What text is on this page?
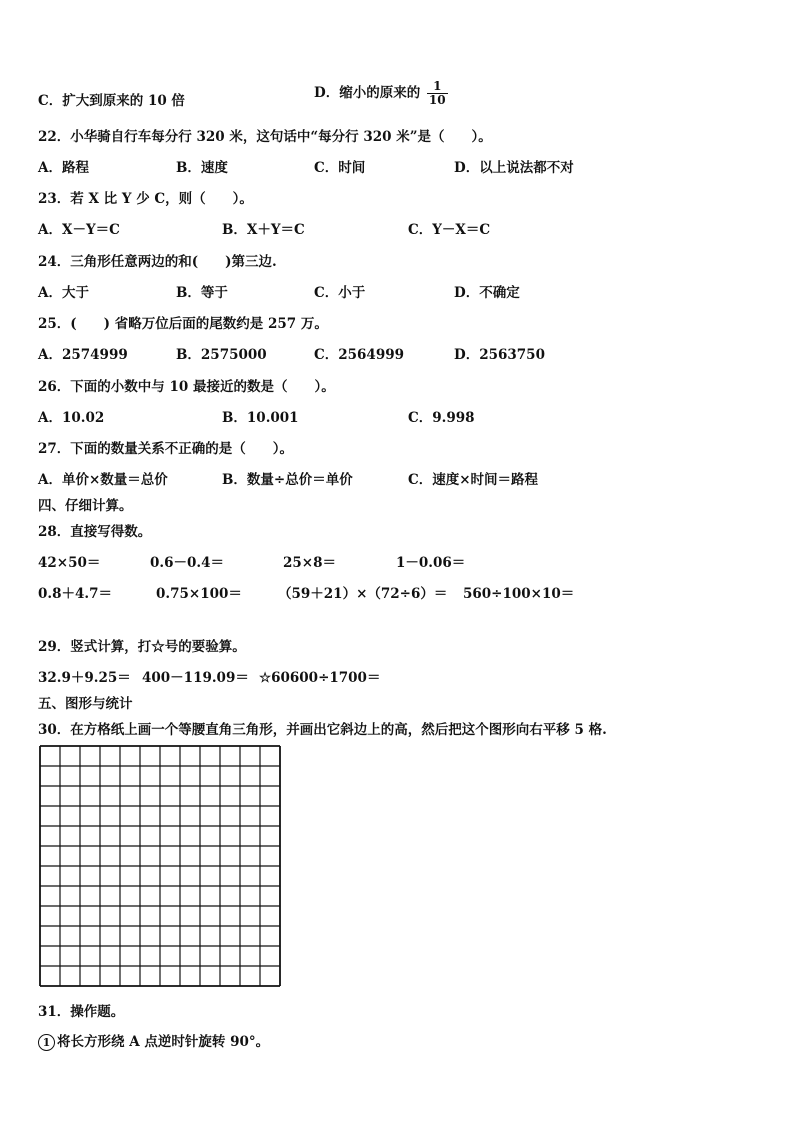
C．扩大到原来的 10 倍	D．缩小的原来的 $\frac{1}{10}$
22．小华骑自行车每分行 320 米，这句话中“每分行 320 米”是（　　）。
A．路程	B．速度	C．时间	D．以上说法都不对
23．若 X 比 Y 少 C，则（　　）。
A．X－Y＝C	B．X＋Y＝C	C．Y－X＝C
24．三角形任意两边的和(　　)第三边.
A．大于	B．等于	C．小于	D．不确定
25．(　　) 省略万位后面的尾数约是 257 万。
A．2574999	B．2575000	C．2564999	D．2563750
26．下面的小数中与 10 最接近的数是（　　）。
A．10.02	B．10.001	C．9.998
27．下面的数量关系不正确的是（　　）。
A．单价×数量＝总价	B．数量÷总价＝单价	C．速度×时间＝路程
四、仔细计算。
28．直接写得数。
42×50＝	0.6－0.4＝	25×8＝	1－0.06＝
0.8＋4.7＝	0.75×100＝	（59＋21）×（72÷6）＝ 560÷100×10＝
29．竖式计算，打☆号的要验算。
32.9＋9.25＝ 400－119.09＝ ☆60600÷1700＝
五、图形与统计
30．在方格纸上画一个等腰直角三角形，并画出它斜边上的高，然后把这个图形向右平移 5 格.
31．操作题。
1 将长方形绕 A 点逆时针旋转 90°。
